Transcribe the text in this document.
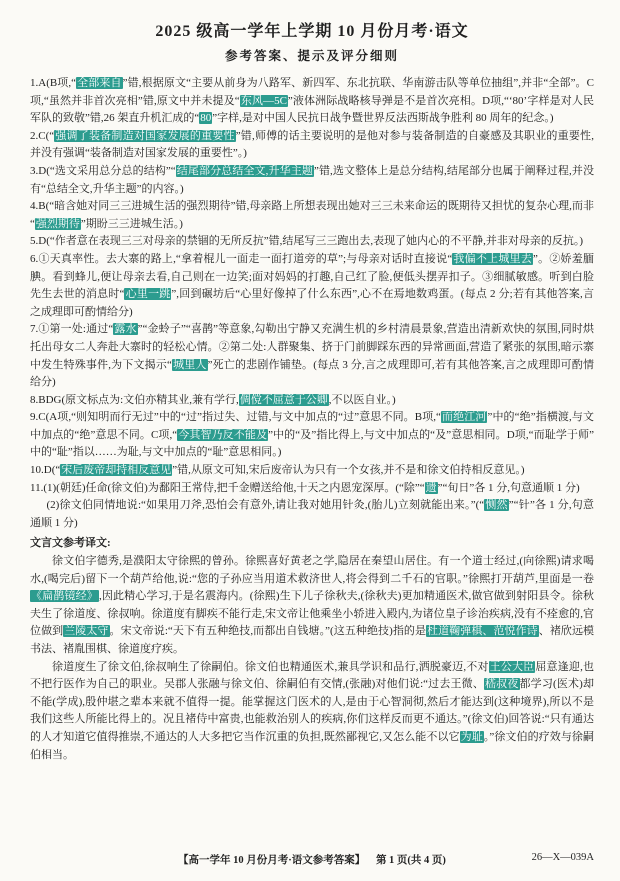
2025 级高一学年上学期 10 月份月考·语文
参考答案、提示及评分细则

1.A(B项,“全部来自”错,根据原文“主要从前身为八路军、新四军、东北抗联、华南游击队等单位抽组”,并非“全部”。C项,“虽然并非首次亮相”错,原文中并未提及“东风—5C”液体洲际战略核导弹是不是首次亮相。D项,“‘80’字样是对人民军队的致敬”错,26 架直升机汇成的“80”字样,是对中国人民抗日战争暨世界反法西斯战争胜利 80 周年的纪念。)

2.C(“强调了装备制造对国家发展的重要性”错,师傅的话主要说明的是他对参与装备制造的自豪感及其职业的重要性,并没有强调“装备制造对国家发展的重要性”。)

3.D(“选文采用总分总的结构”“结尾部分总结全文,升华主题”错,选文整体上是总分结构,结尾部分也属于阐释过程,并没有“总结全文,升华主题”的内容。)

4.B(“暗含她对同三三进城生活的强烈期待”错,母亲路上所想表现出她对三三未来命运的既期待又担忧的复杂心理,而非“强烈期待”期盼三三进城生活。)

5.D(“作者意在表现三三对母亲的禁锢的无所反抗”错,结尾写三三跑出去,表现了她内心的不平静,并非对母亲的反抗。)

6.①天真率性。去大寨的路上,“拿着棍儿一面走一面打道旁的草”;与母亲对话时直接说“我偏不上城里去”。②娇羞腼腆。看到蜂儿,便让母亲去看,自己则在一边笑;面对妈妈的打趣,自己红了脸,便低头摆弄扣子。③细腻敏感。听到白脸先生去世的消息时“心里一跳”,回到碾坊后“心里好像掉了什么东西”,心不在焉地数鸡蛋。(每点 2 分;若有其他答案,言之成理即可酌情给分)

7.①第一处:通过“露水”“金蛉子”“喜鹊”等意象,勾勒出宁静又充满生机的乡村清晨景象,营造出清新欢快的氛围,同时烘托出母女二人奔赴大寨时的轻松心情。②第二处:人群聚集、挤于门前脚踩东西的异常画面,营造了紧张的氛围,暗示寨中发生特殊事件,为下文揭示“城里人”死亡的悲剧作铺垫。(每点 3 分,言之成理即可,若有其他答案,言之成理即可酌情给分)

8.BDG(原文标点为:文伯亦精其业,兼有学行,倜傥不屈意于公卿,不以医自业。)

9.C(A项,“则知明而行无过”中的“过”指过失、过错,与文中加点的“过”意思不同。B项,“而绝江河”中的“绝”指横渡,与文中加点的“绝”意思不同。C项,“今其智乃反不能及”中的“及”指比得上,与文中加点的“及”意思相同。D项,“而耻学于师”中的“耻”指以……为耻,与文中加点的“耻”意思相同。)

10.D(“宋后废帝却持相反意见”错,从原文可知,宋后废帝认为只有一个女孩,并不是和徐文伯持相反意见。)

11.(1)(朝廷)任命(徐文伯)为鄱阳王常侍,把千金赠送给他,十天之内恩宠深厚。(“除”“遗”“旬日”各 1 分,句意通顺 1 分)

(2)徐文伯同情地说:“如果用刀斧,恐怕会有意外,请让我对她用针灸,(胎儿)立刻就能出来。”(“恻然”“针”各 1 分,句意通顺 1 分)

文言文参考译文:

徐文伯字德秀,是濮阳太守徐熙的曾孙。徐熙喜好黄老之学,隐居在秦望山居住。有一个道士经过,(向徐熙)请求喝水,(喝完后)留下一个葫芦给他,说:“您的子孙应当用道术救济世人,将会得到二千石的官职。”徐熙打开葫芦,里面是一卷《扁鹊镜经》,因此精心学习,于是名震海内。(徐熙)生下儿子徐秋夫,(徐秋夫)更加精通医术,做官做到射阳县令。徐秋夫生了徐道度、徐叔响。徐道度有脚疾不能行走,宋文帝让他乘坐小轿进入殿内,为诸位皇子诊治疾病,没有不痊愈的,官位做到兰陵太守。宋文帝说:“天下有五种绝技,而都出自钱塘。”(这五种绝技)指的是杜道鞠弹棋、范悦作诗、褚欣远模书法、褚胤围棋、徐道度疗疾。

徐道度生了徐文伯,徐叔响生了徐嗣伯。徐文伯也精通医术,兼具学识和品行,洒脱豪迈,不对王公大臣屈意逢迎,也不把行医作为自己的职业。吴郡人张融与徐文伯、徐嗣伯有交情,(张融)对他们说:“过去王微、嵇叔夜都学习(医术)却不能(学成),殷仲堪之辈本来就不值得一提。能掌握这门医术的人,是由于心智洞彻,然后才能达到(这种境界),所以不是我们这些人所能比得上的。况且褚侍中富贵,也能救治别人的疾病,你们这样反而更不通达。”(徐文伯)回答说:“只有通达的人才知道它值得推崇,不通达的人大多把它当作沉重的负担,既然鄙视它,又怎么能不以它为耻。”徐文伯的疗效与徐嗣伯相当。

【高一学年 10 月份月考·语文参考答案】 第 1 页(共 4 页)	26—X—039A
